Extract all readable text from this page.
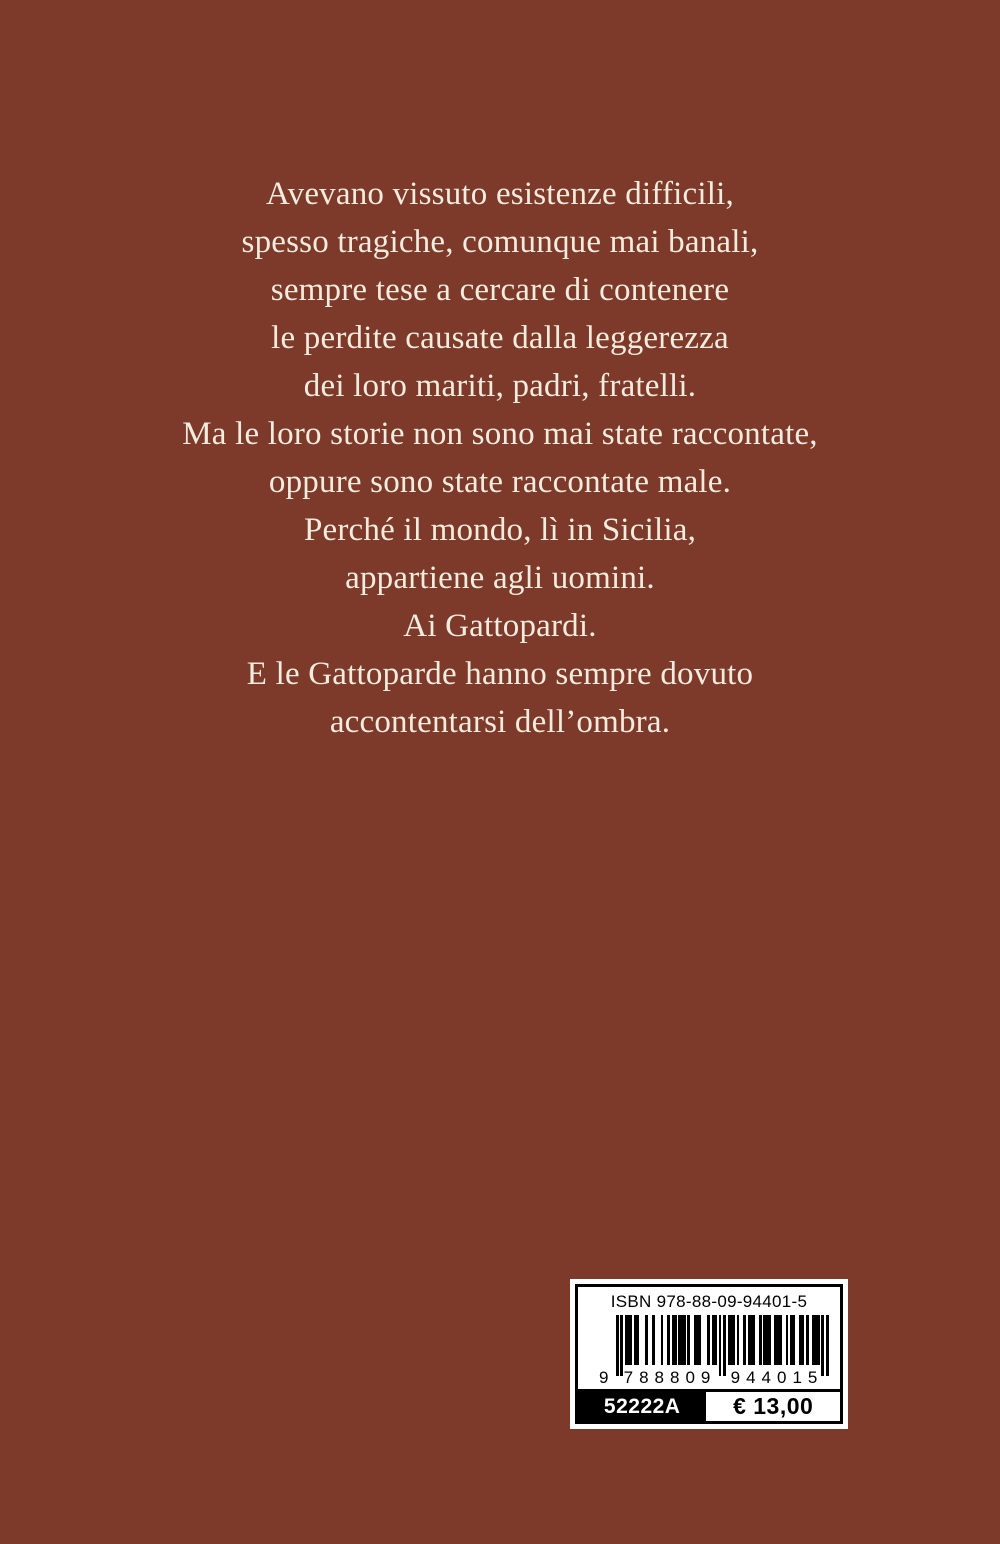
Avevano vissuto esistenze difficili,
spesso tragiche, comunque mai banali,
sempre tese a cercare di contenere
le perdite causate dalla leggerezza
dei loro mariti, padri, fratelli.
Ma le loro storie non sono mai state raccontate,
oppure sono state raccontate male.
Perché il mondo, lì in Sicilia,
appartiene agli uomini.
Ai Gattopardi.
E le Gattoparde hanno sempre dovuto
accontentarsi dell’ombra.
ISBN 978-88-09-94401-5
9 788809 944015
52222A	€ 13,00
